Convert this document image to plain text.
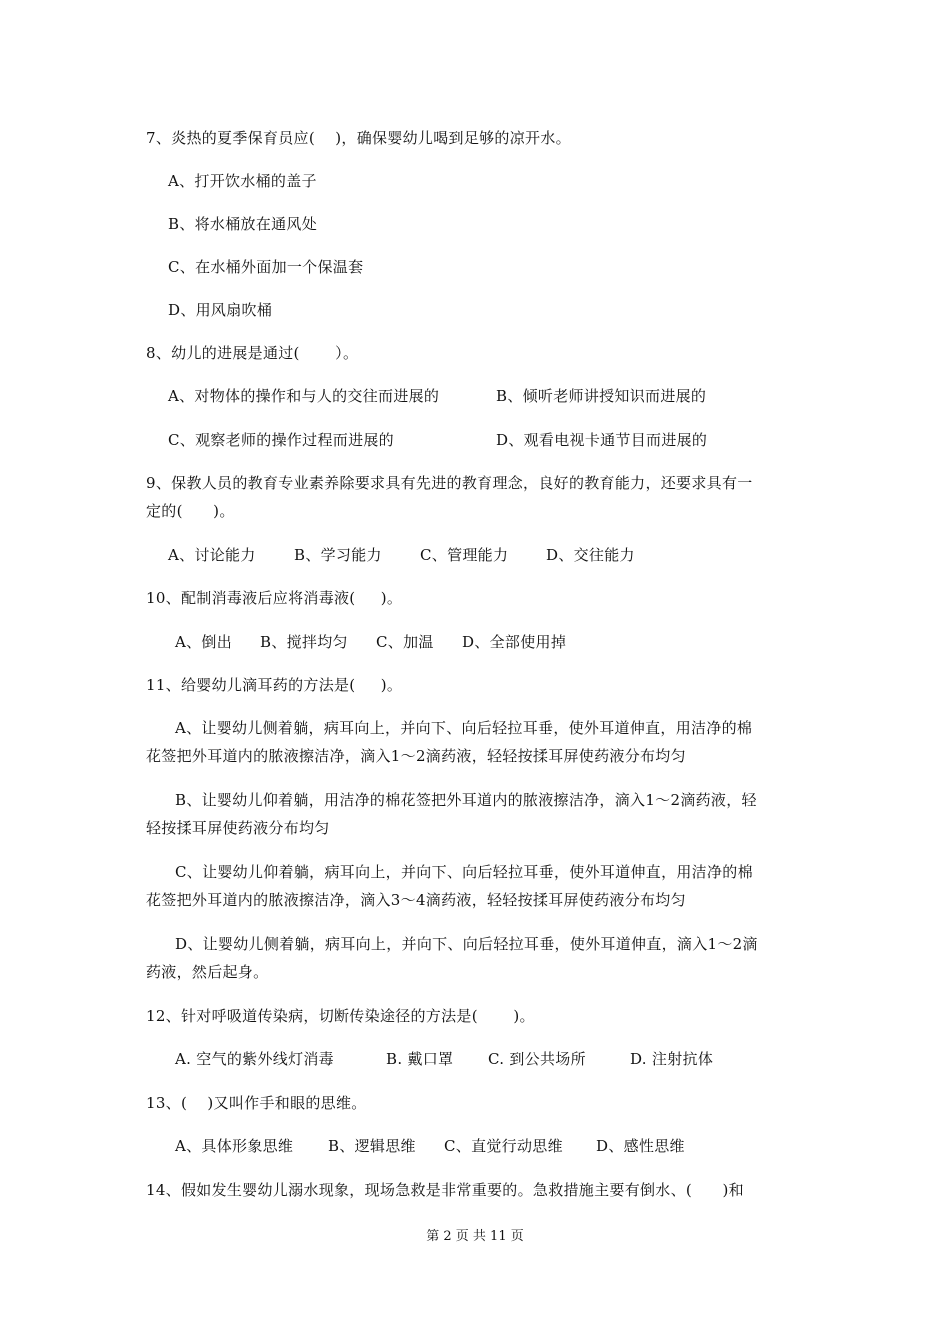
7、炎热的夏季保育员应(    )，确保婴幼儿喝到足够的凉开水。
A、打开饮水桶的盖子
B、将水桶放在通风处
C、在水桶外面加一个保温套
D、用风扇吹桶
8、幼儿的进展是通过(       ）。
A、对物体的操作和与人的交往而进展的	B、倾听老师讲授知识而进展的
C、观察老师的操作过程而进展的	D、观看电视卡通节目而进展的
9、保教人员的教育专业素养除要求具有先进的教育理念，良好的教育能力，还要求具有一
定的(      )。
A、讨论能力	B、学习能力	C、管理能力	D、交往能力
10、配制消毒液后应将消毒液(     )。
A、倒出 B、搅拌均匀 C、加温 D、全部使用掉
11、给婴幼儿滴耳药的方法是(     )。
A、让婴幼儿侧着躺，病耳向上，并向下、向后轻拉耳垂，使外耳道伸直，用洁净的棉
花签把外耳道内的脓液擦洁净，滴入1～2滴药液，轻轻按揉耳屏使药液分布均匀
B、让婴幼儿仰着躺，用洁净的棉花签把外耳道内的脓液擦洁净，滴入1～2滴药液，轻
轻按揉耳屏使药液分布均匀
C、让婴幼儿仰着躺，病耳向上，并向下、向后轻拉耳垂，使外耳道伸直，用洁净的棉
花签把外耳道内的脓液擦洁净，滴入3～4滴药液，轻轻按揉耳屏使药液分布均匀
D、让婴幼儿侧着躺，病耳向上，并向下、向后轻拉耳垂，使外耳道伸直，滴入1～2滴
药液，然后起身。
12、针对呼吸道传染病，切断传染途径的方法是(       )。
A. 空气的紫外线灯消毒	B. 戴口罩 C. 到公共场所	D. 注射抗体
13、(    )又叫作手和眼的思维。
A、具体形象思维 B、逻辑思维 C、直觉行动思维 D、感性思维
14、假如发生婴幼儿溺水现象，现场急救是非常重要的。急救措施主要有倒水、(      )和
第 2 页 共 11 页
